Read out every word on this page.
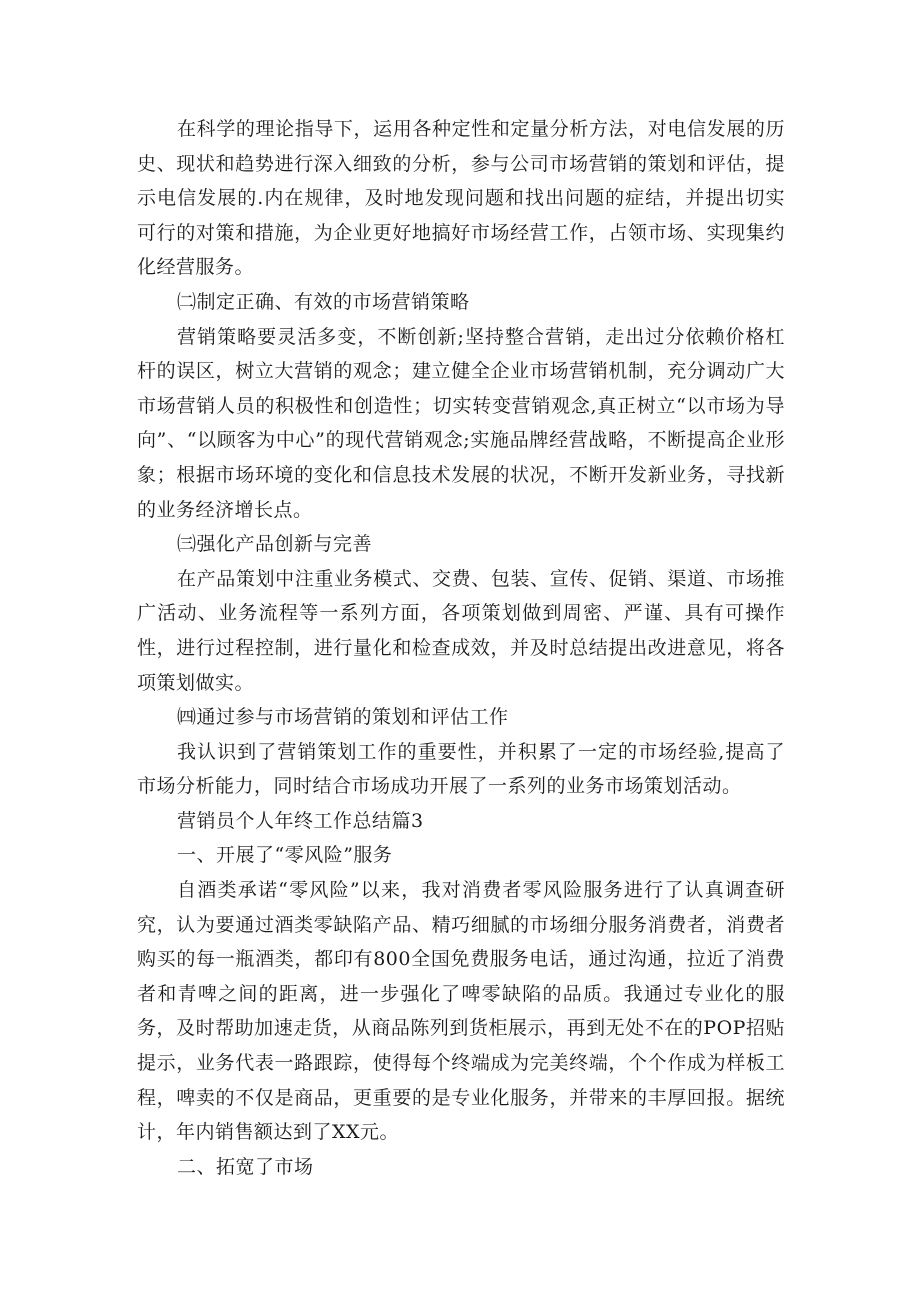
在科学的理论指导下，运用各种定性和定量分析方法，对电信发展的历史、现状和趋势进行深入细致的分析，参与公司市场营销的策划和评估，提示电信发展的.内在规律，及时地发现问题和找出问题的症结，并提出切实可行的对策和措施，为企业更好地搞好市场经营工作，占领市场、实现集约化经营服务。

㈡制定正确、有效的市场营销策略

营销策略要灵活多变，不断创新;坚持整合营销，走出过分依赖价格杠杆的误区，树立大营销的观念；建立健全企业市场营销机制，充分调动广大市场营销人员的积极性和创造性；切实转变营销观念,真正树立“以市场为导向”、“以顾客为中心”的现代营销观念;实施品牌经营战略，不断提高企业形象；根据市场环境的变化和信息技术发展的状况，不断开发新业务，寻找新的业务经济增长点。

㈢强化产品创新与完善

在产品策划中注重业务模式、交费、包装、宣传、促销、渠道、市场推广活动、业务流程等一系列方面，各项策划做到周密、严谨、具有可操作性，进行过程控制，进行量化和检查成效，并及时总结提出改进意见，将各项策划做实。

㈣通过参与市场营销的策划和评估工作

我认识到了营销策划工作的重要性，并积累了一定的市场经验,提高了市场分析能力，同时结合市场成功开展了一系列的业务市场策划活动。

营销员个人年终工作总结篇3

一、开展了“零风险”服务

自酒类承诺“零风险”以来，我对消费者零风险服务进行了认真调查研究，认为要通过酒类零缺陷产品、精巧细腻的市场细分服务消费者，消费者购买的每一瓶酒类，都印有800全国免费服务电话，通过沟通，拉近了消费者和青啤之间的距离，进一步强化了啤零缺陷的品质。我通过专业化的服务，及时帮助加速走货，从商品陈列到货柜展示，再到无处不在的POP招贴提示，业务代表一路跟踪，使得每个终端成为完美终端，个个作成为样板工程，啤卖的不仅是商品，更重要的是专业化服务，并带来的丰厚回报。据统计，年内销售额达到了XX元。

二、拓宽了市场
